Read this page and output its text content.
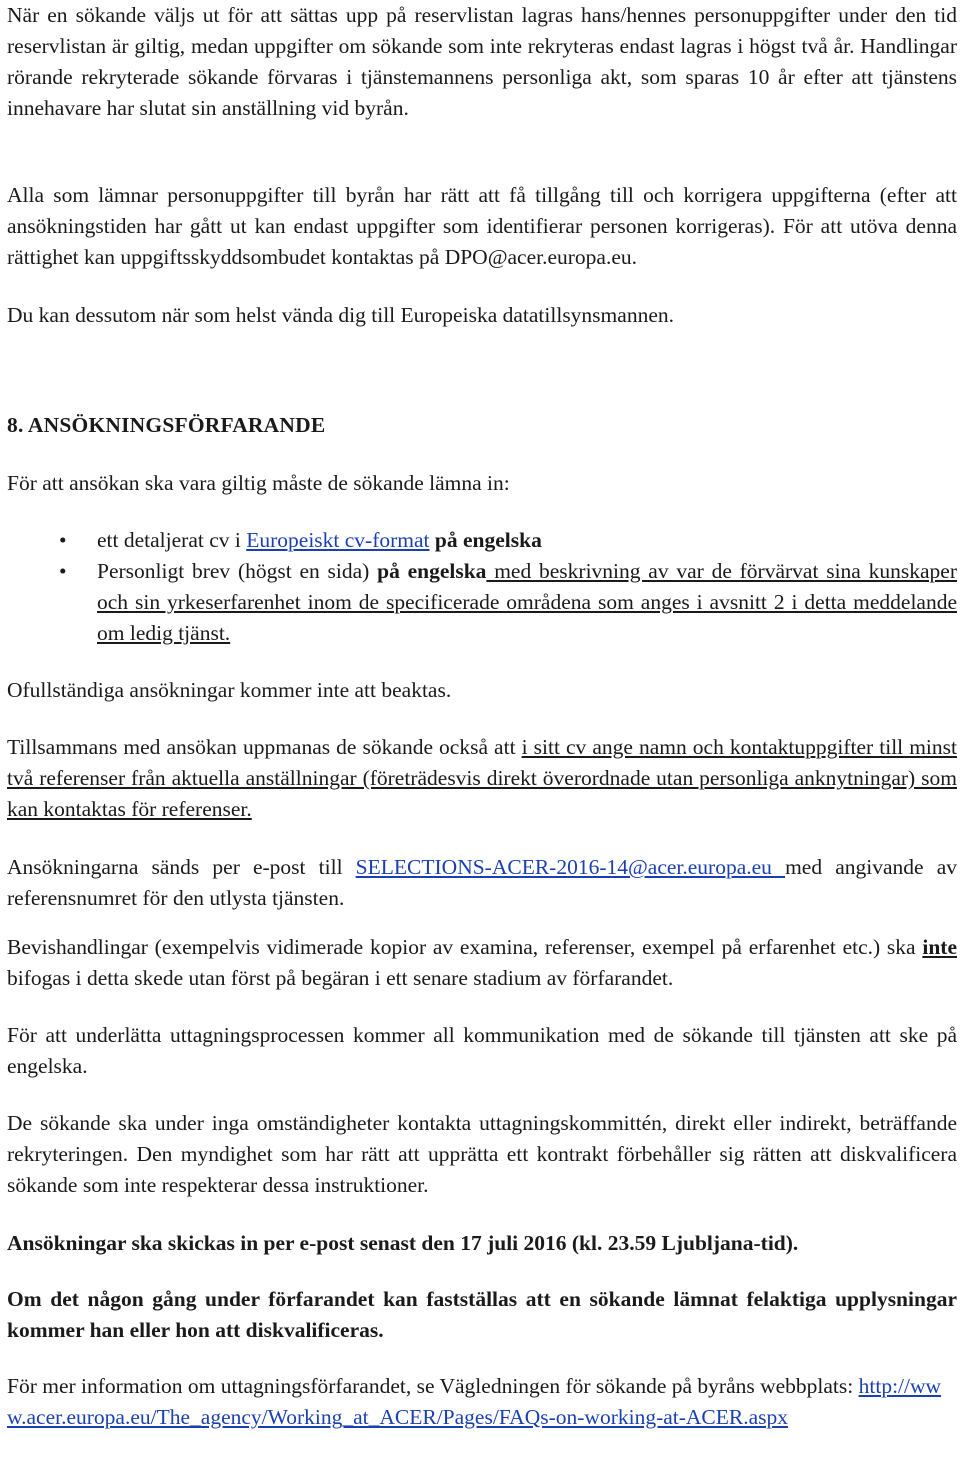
När en sökande väljs ut för att sättas upp på reservlistan lagras hans/hennes personuppgifter under den tid reservlistan är giltig, medan uppgifter om sökande som inte rekryteras endast lagras i högst två år. Handlingar rörande rekryterade sökande förvaras i tjänstemannens personliga akt, som sparas 10 år efter att tjänstens innehavare har slutat sin anställning vid byrån.

Alla som lämnar personuppgifter till byrån har rätt att få tillgång till och korrigera uppgifterna (efter att ansökningstiden har gått ut kan endast uppgifter som identifierar personen korrigeras). För att utöva denna rättighet kan uppgiftsskyddsombudet kontaktas på DPO@acer.europa.eu.

Du kan dessutom när som helst vända dig till Europeiska datatillsynsmannen.

8. ANSÖKNINGSFÖRFARANDE

För att ansökan ska vara giltig måste de sökande lämna in:

• ett detaljerat cv i Europeiskt cv-format på engelska
• Personligt brev (högst en sida) på engelska med beskrivning av var de förvärvat sina kunskaper och sin yrkeserfarenhet inom de specificerade områdena som anges i avsnitt 2 i detta meddelande om ledig tjänst.

Ofullständiga ansökningar kommer inte att beaktas.

Tillsammans med ansökan uppmanas de sökande också att i sitt cv ange namn och kontaktuppgifter till minst två referenser från aktuella anställningar (företrädesvis direkt överordnade utan personliga anknytningar) som kan kontaktas för referenser.

Ansökningarna sänds per e-post till SELECTIONS-ACER-2016-14@acer.europa.eu med angivande av referensnumret för den utlysta tjänsten.

Bevishandlingar (exempelvis vidimerade kopior av examina, referenser, exempel på erfarenhet etc.) ska inte bifogas i detta skede utan först på begäran i ett senare stadium av förfarandet.

För att underlätta uttagningsprocessen kommer all kommunikation med de sökande till tjänsten att ske på engelska.

De sökande ska under inga omständigheter kontakta uttagningskommittén, direkt eller indirekt, beträffande rekryteringen. Den myndighet som har rätt att upprätta ett kontrakt förbehåller sig rätten att diskvalificera sökande som inte respekterar dessa instruktioner.

Ansökningar ska skickas in per e-post senast den 17 juli 2016 (kl. 23.59 Ljubljana-tid).

Om det någon gång under förfarandet kan fastställas att en sökande lämnat felaktiga upplysningar kommer han eller hon att diskvalificeras.

För mer information om uttagningsförfarandet, se Vägledningen för sökande på byråns webbplats: http://www.acer.europa.eu/The_agency/Working_at_ACER/Pages/FAQs-on-working-at-ACER.aspx
